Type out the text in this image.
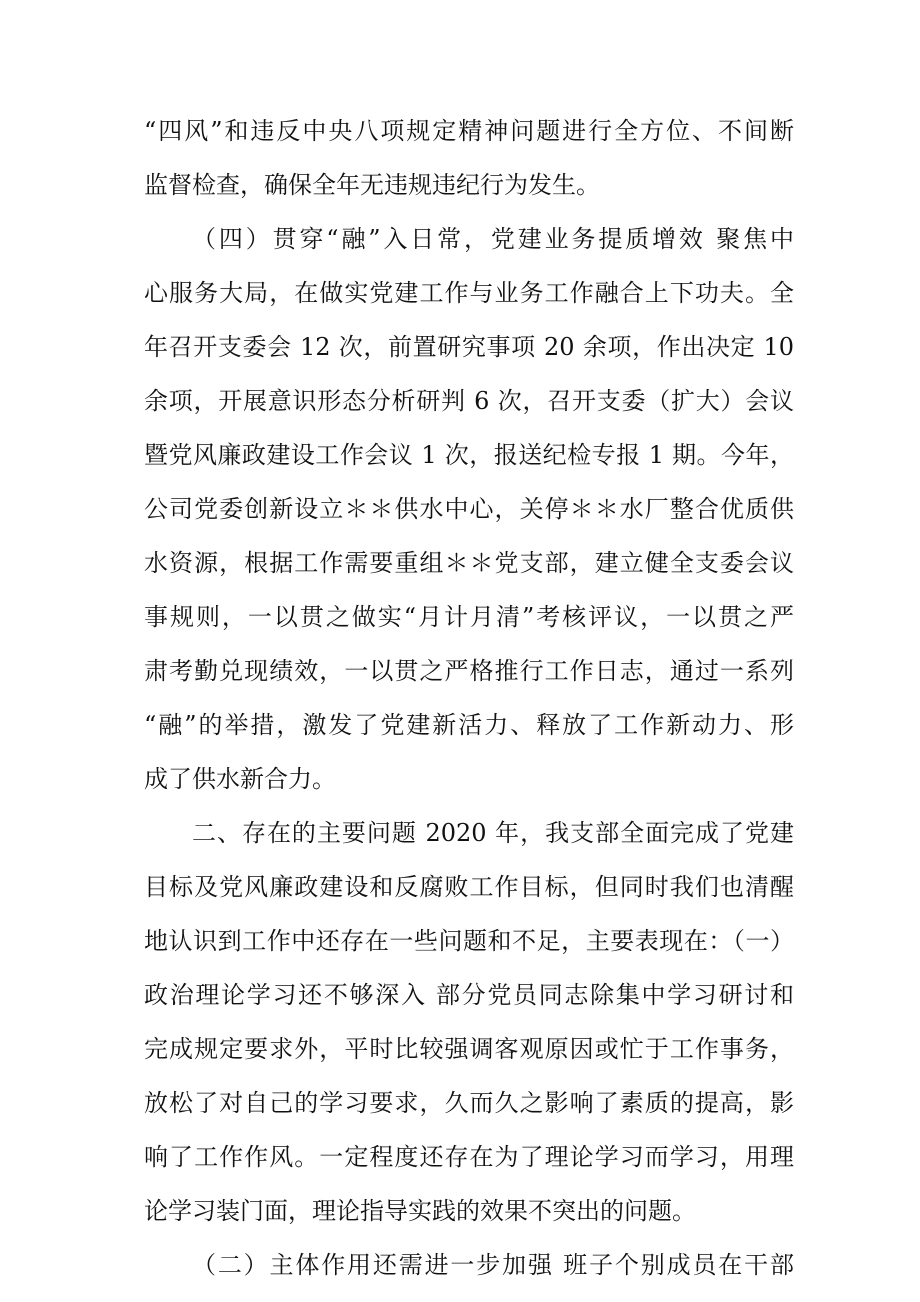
“四风”和违反中央八项规定精神问题进行全方位、不间断
监督检查，确保全年无违规违纪行为发生。
（四）贯穿“融”入日常，党建业务提质增效 聚焦中
心服务大局，在做实党建工作与业务工作融合上下功夫。全
年召开支委会 12 次，前置研究事项 20 余项，作出决定 10
余项，开展意识形态分析研判 6 次，召开支委（扩大）会议
暨党风廉政建设工作会议 1 次，报送纪检专报 1 期。今年，
公司党委创新设立＊＊供水中心，关停＊＊水厂整合优质供
水资源，根据工作需要重组＊＊党支部，建立健全支委会议
事规则，一以贯之做实“月计月清”考核评议，一以贯之严
肃考勤兑现绩效，一以贯之严格推行工作日志，通过一系列
“融”的举措，激发了党建新活力、释放了工作新动力、形
成了供水新合力。
二、存在的主要问题 2020 年，我支部全面完成了党建
目标及党风廉政建设和反腐败工作目标，但同时我们也清醒
地认识到工作中还存在一些问题和不足，主要表现在：（一）
政治理论学习还不够深入 部分党员同志除集中学习研讨和
完成规定要求外，平时比较强调客观原因或忙于工作事务，
放松了对自己的学习要求，久而久之影响了素质的提高，影
响了工作作风。一定程度还存在为了理论学习而学习，用理
论学习装门面，理论指导实践的效果不突出的问题。
（二）主体作用还需进一步加强 班子个别成员在干部
